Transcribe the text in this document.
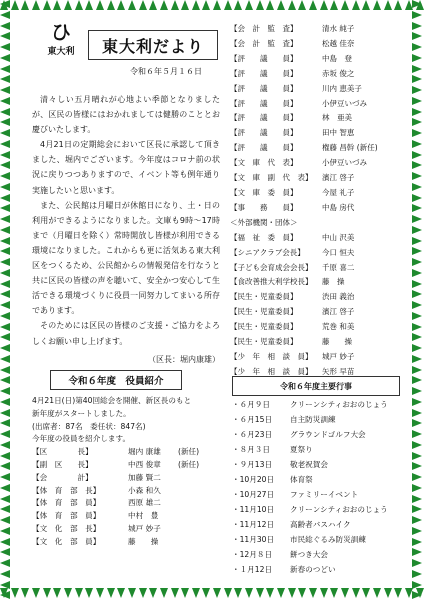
ひ
東大利	東大利だより
令和６年５月１６日

清々しい五月晴れが心地よい季節となりましたが、区民の皆様にはおかれましては健勝のこととお慶びいたします。

4月21日の定期総会において区長に承認して頂きました、堀内でございます。今年度はコロナ前の状況に戻りつつありますので、イベント等も例年通り実施したいと思います。

また、公民館は月曜日が休館日になり、土・日の利用ができるようになりました。文庫も9時～17時まで（月曜日を除く）常時開放し皆様が利用できる環境になりました。これからも更に活気ある東大利区をつくるため、公民館からの情報発信を行なうと共に区民の皆様の声を聴いて、安全かつ安心して生活できる環境づくりに役員一同努力してまいる所存であります。

そのためには区民の皆様のご支援・ご協力をよろしくお願い申し上げます。

（区長：堀内康雄）

令和６年度　役員紹介
4月21日(日)第40回総会を開催、新区長のもと
新年度がスタートしました。
(出席者：87名　委任状：847名)
今年度の役員を紹介します。
【区　　　　長】	堀内 康雄	(新任)
【副　区　　長】	中西 俊章	(新任)
【会　　　　計】	加藤 賢二
【体　育　部　長】	小森 和久
【体　育　部　員】	西原 雄二
【体　育　部　員】	中村　豊
【文　化　部　長】	城戸 妙子
【文　化　部　員】	藤　　操
【会　計　監　査】	清水 純子
【会　計　監　査】	松越 佳奈
【評　　議　　員】	中島　登
【評　　議　　員】	赤坂 俊之
【評　　議　　員】	川内 恵美子
【評　　議　　員】	小伊豆いづみ
【評　　議　　員】	林　亜美
【評　　議　　員】	田中 智恵
【評　　議　　員】	権藤 昌幹 (新任)
【文　庫　代　表】	小伊豆いづみ
【文　庫　副　代　表】	濱江 啓子
【文　庫　委　員】	今屋 礼子
【事　　務　　員】	中島 房代
＜外部機関・団体＞
【福　祉　委　員】	中山 沢美
【シニアクラブ会長】	今口 恒夫
【子ども会育成会会長】	千原 喜二
【食改善推大利学校長】	藤　操
【民生・児童委員】	渋田 義治
【民生・児童委員】	濱江 啓子
【民生・児童委員】	荒巻 和美
【民生・児童委員】	藤　　操
【少　年　相　談　員】	城戸 妙子
【少　年　相　談　員】	矢形 早苗
令和６年度主要行事
・６月９日	クリーンシティおおのじょう
・６月15日	自主防災訓練
・６月23日	グラウンドゴルフ大会
・８月３日	夏祭り
・９月13日	敬老祝賀会
・10月20日	体育祭
・10月27日	ファミリーイベント
・11月10日	クリーンシティおおのじょう
・11月12日	高齢者バスハイク
・11月30日	市民総ぐるみ防災訓練
・12月８日	餅つき大会
・１月12日	新春のつどい
